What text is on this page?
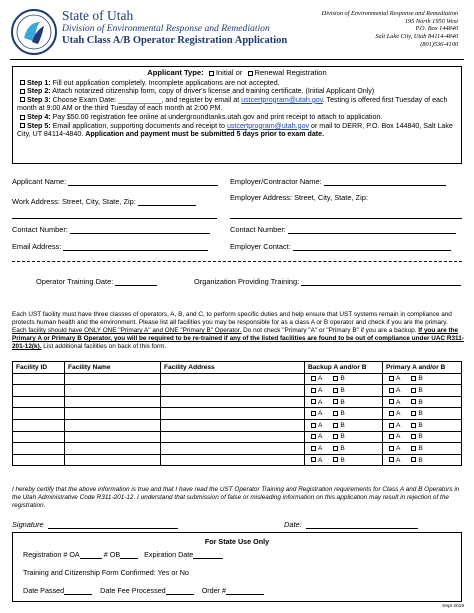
State of Utah
Division of Environmental Response and Remediation
Utah Class A/B Operator Registration Application
Division of Environmental Response and Remediation
195 North 1950 West
P.O. Box 144840
Salt Lake City, Utah 84114-4840
(801)536-4100
Applicant Type: Initial or Renewal Registration
Step 1: Fill out application completely. Incomplete applications are not accepted.
Step 2: Attach notarized citizenship form, copy of driver's license and training certificate. (Initial Applicant Only)
Step 3: Choose Exam Date: ___________, and register by email at ustcertprogram@utah.gov. Testing is offered first Tuesday of each month at 9:00 AM or the third Tuesday of each month at 2:00 PM.
Step 4: Pay $50.00 registration fee online at undergroundtanks.utah.gov and print receipt to attach to application.
Step 5: Email application, supporting documents and receipt to ustcertprogram@utah.gov or mail to DERR, P.O. Box 144840, Salt Lake City, UT 84114-4840. Application and payment must be submitted 5 days prior to exam date.
Applicant Name:	Employer/Contractor Name:
Work Address: Street, City, State, Zip:	Employer Address: Street, City, State, Zip:
Contact Number:	Contact Number:
Email Address:	Employer Contact:
Operator Training Date:	Organization Providing Training:
Each UST facility must have three classes of operators, A, B, and C, to perform specific duties and help ensure that UST systems remain in compliance and protects human health and the environment. Please list all facilities you may be responsible for as a class A or B operator and check if you are the primary. Each facility should have ONLY ONE "Primary A" and ONE "Primary B" Operator. Do not check "Primary "A" or "Primary B" if you are a backup. If you are the Primary A or Primary B Operator, you will be required to be re-trained if any of the listed facilities are found to be out of compliance under UAC R311-201-12(k). List additional facilities on back of this form.
Facility ID	Facility Name	Facility Address	Backup A and/or B	Primary A and/or B
			A B	A B
			A B	A B
			A B	A B
			A B	A B
			A B	A B
			A B	A B
			A B	A B
			A B	A B
I hereby certify that the above information is true and that I have read the UST Operator Training and Registration requirements for Class A and B Operators in the Utah Administrative Code R311-201-12. I understand that submission of false or misleading information on this application may result in rejection of the registration.
Signature	Date:
For State Use Only
Registration # OA	# OB	Expiration Date
Training and Citizenship Form Confirmed: Yes or No
Date Passed	Date Fee Processed	Order #
Sept 2019
